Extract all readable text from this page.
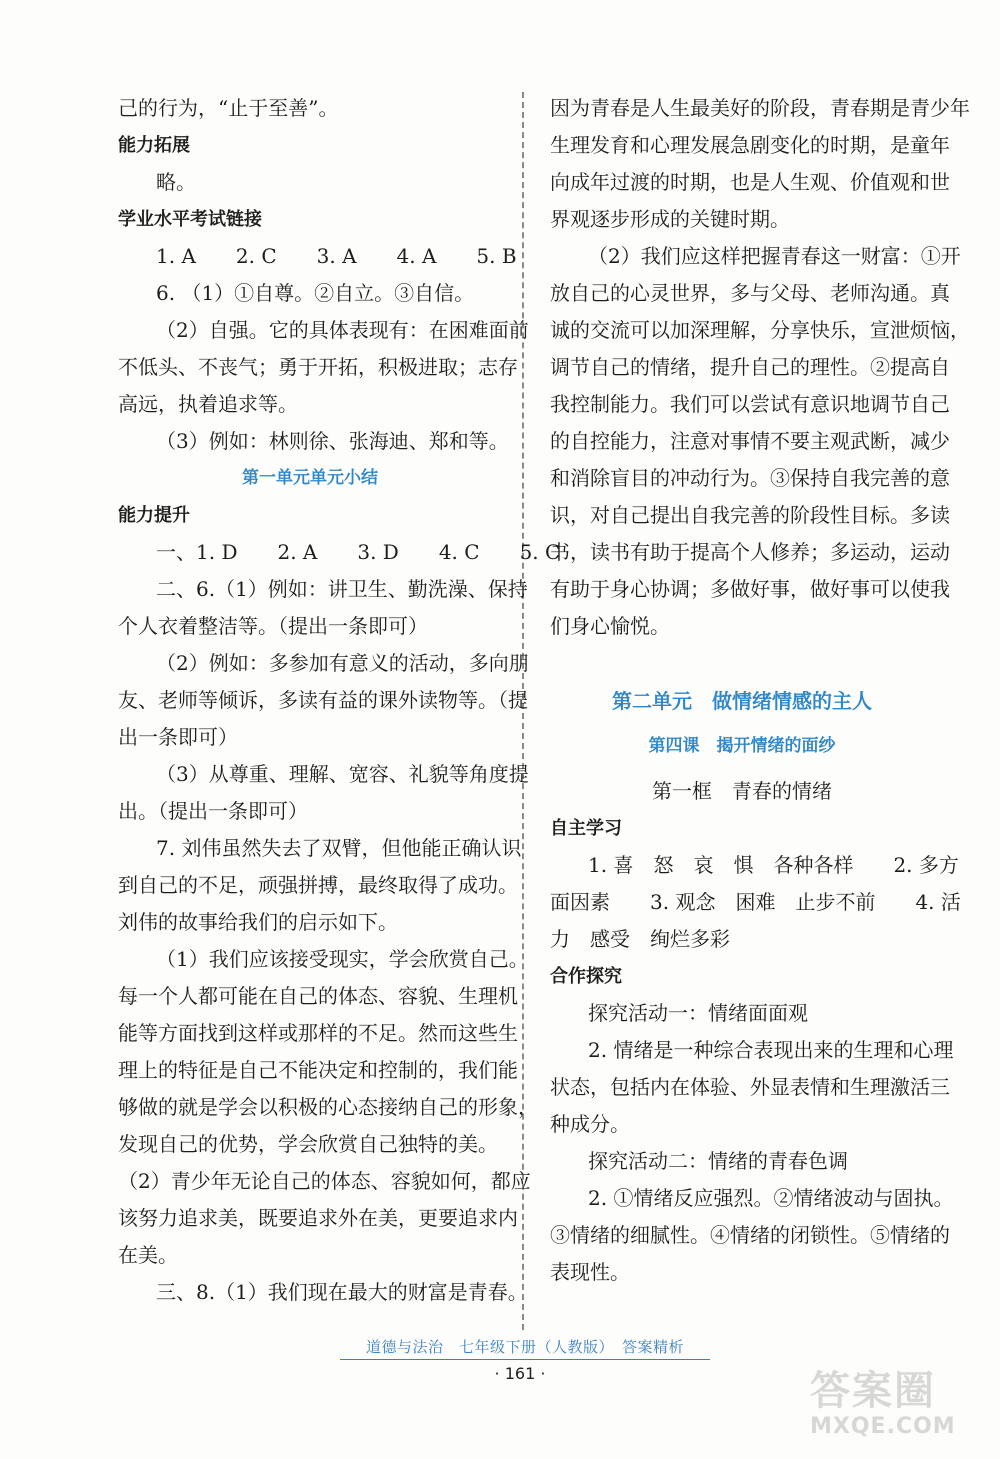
己的行为，“止于至善”。
能力拓展
略。
学业水平考试链接
1. A　　2. C　　3. A　　4. A　　5. B
6. （1）①自尊。②自立。③自信。
（2）自强。它的具体表现有：在困难面前
不低头、不丧气；勇于开拓，积极进取；志存
高远，执着追求等。
（3）例如：林则徐、张海迪、郑和等。
第一单元单元小结
能力提升
一、1. D　　2. A　　3. D　　4. C　　5. C
二、6.（1）例如：讲卫生、勤洗澡、保持
个人衣着整洁等。（提出一条即可）
（2）例如：多参加有意义的活动，多向朋
友、老师等倾诉，多读有益的课外读物等。（提
出一条即可）
（3）从尊重、理解、宽容、礼貌等角度提
出。（提出一条即可）
7. 刘伟虽然失去了双臂，但他能正确认识
到自己的不足，顽强拼搏，最终取得了成功。
刘伟的故事给我们的启示如下。
（1）我们应该接受现实，学会欣赏自己。
每一个人都可能在自己的体态、容貌、生理机
能等方面找到这样或那样的不足。然而这些生
理上的特征是自己不能决定和控制的，我们能
够做的就是学会以积极的心态接纳自己的形象，
发现自己的优势，学会欣赏自己独特的美。
（2）青少年无论自己的体态、容貌如何，都应
该努力追求美，既要追求外在美，更要追求内
在美。
三、8.（1）我们现在最大的财富是青春。
因为青春是人生最美好的阶段，青春期是青少年
生理发育和心理发展急剧变化的时期，是童年
向成年过渡的时期，也是人生观、价值观和世
界观逐步形成的关键时期。
（2）我们应这样把握青春这一财富：①开
放自己的心灵世界，多与父母、老师沟通。真
诚的交流可以加深理解，分享快乐，宣泄烦恼，
调节自己的情绪，提升自己的理性。②提高自
我控制能力。我们可以尝试有意识地调节自己
的自控能力，注意对事情不要主观武断，减少
和消除盲目的冲动行为。③保持自我完善的意
识，对自己提出自我完善的阶段性目标。多读
书，读书有助于提高个人修养；多运动，运动
有助于身心协调；多做好事，做好事可以使我
们身心愉悦。
第二单元　做情绪情感的主人
第四课　揭开情绪的面纱
第一框　青春的情绪
自主学习
1. 喜　怒　哀　惧　各种各样　　2. 多方
面因素　　3. 观念　困难　止步不前　　4. 活
力　感受　绚烂多彩
合作探究
探究活动一：情绪面面观
2. 情绪是一种综合表现出来的生理和心理
状态，包括内在体验、外显表情和生理激活三
种成分。
探究活动二：情绪的青春色调
2. ①情绪反应强烈。②情绪波动与固执。
③情绪的细腻性。④情绪的闭锁性。⑤情绪的
表现性。
道德与法治　七年级下册（人教版）　答案精析
· 161 ·	答案圈
MXQE.COM
